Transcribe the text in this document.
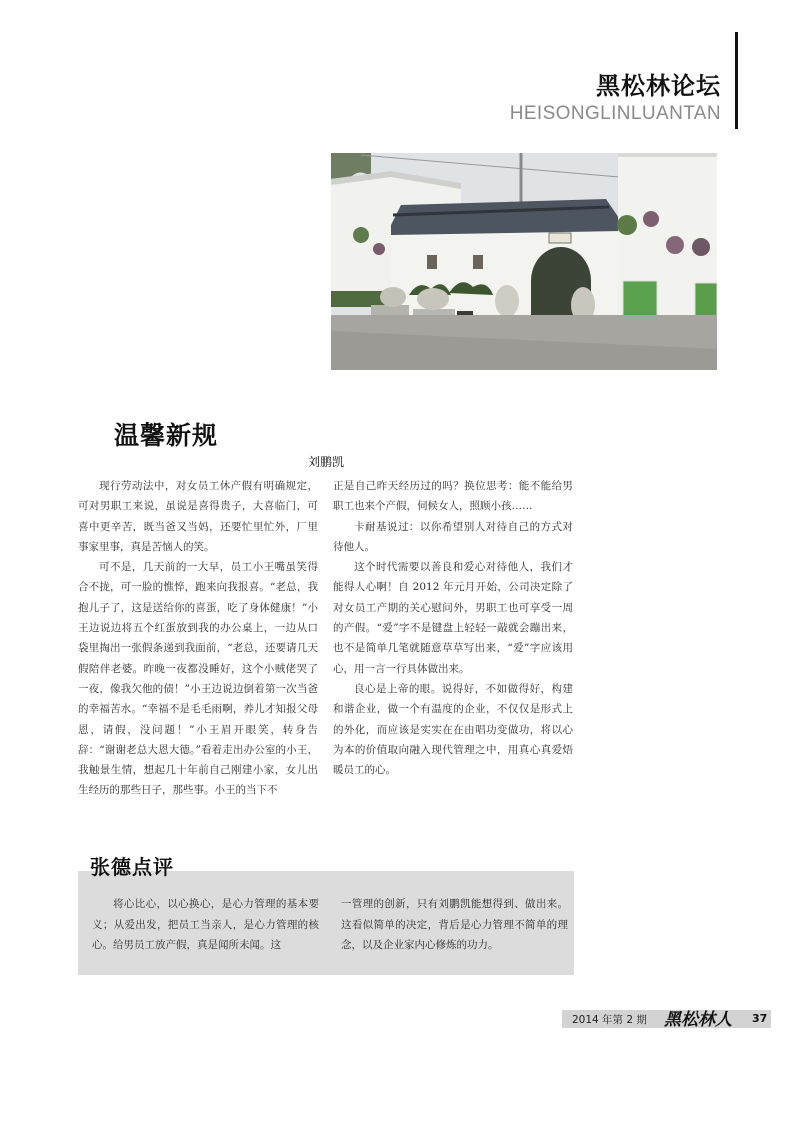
黑松林论坛
HEISONGLINLUANTAN
温馨新规
刘鹏凯

现行劳动法中，对女员工休产假有明确规定，可对男职工来说，虽说是喜得贵子，大喜临门，可喜中更辛苦，既当爸又当妈，还要忙里忙外，厂里事家里事，真是苦恼人的笑。

可不是，几天前的一大早，员工小王嘴虽笑得合不拢，可一脸的憔悴，跑来向我报喜。“老总，我抱儿子了，这是送给你的喜蛋，吃了身体健康！”小王边说边将五个红蛋放到我的办公桌上，一边从口袋里掏出一张假条递到我面前，“老总，还要请几天假陪伴老婆。昨晚一夜都没睡好，这个小贼佬哭了一夜，像我欠他的债！”小王边说边倒着第一次当爸的幸福苦水。“幸福不是毛毛雨啊，养儿才知报父母恩，请假，没问题！”小王眉开眼笑，转身告辞：“谢谢老总大恩大德。”看着走出办公室的小王，我触景生情，想起几十年前自己刚建小家，女儿出生经历的那些日子，那些事。小王的当下不

正是自己昨天经历过的吗？换位思考：能不能给男职工也来个产假，伺候女人，照顾小孩……

卡耐基说过：以你希望别人对待自己的方式对待他人。

这个时代需要以善良和爱心对待他人，我们才能得人心啊！自 2012 年元月开始，公司决定除了对女员工产期的关心慰问外，男职工也可享受一周的产假。“爱”字不是键盘上轻轻一敲就会蹦出来，也不是简单几笔就随意草草写出来，“爱”字应该用心，用一言一行具体做出来。

良心是上帝的眼。说得好，不如做得好，构建和谐企业，做一个有温度的企业，不仅仅是形式上的外化，而应该是实实在在由唱功变做功，将以心为本的价值取向融入现代管理之中，用真心真爱焐暖员工的心。

张德点评

将心比心，以心换心，是心力管理的基本要义；从爱出发，把员工当亲人，是心力管理的核心。给男员工放产假，真是闻所未闻。这

一管理的创新，只有刘鹏凯能想得到、做出来。这看似简单的决定，背后是心力管理不简单的理念，以及企业家内心修炼的功力。

2014 年第 2 期 黑松林人 37
